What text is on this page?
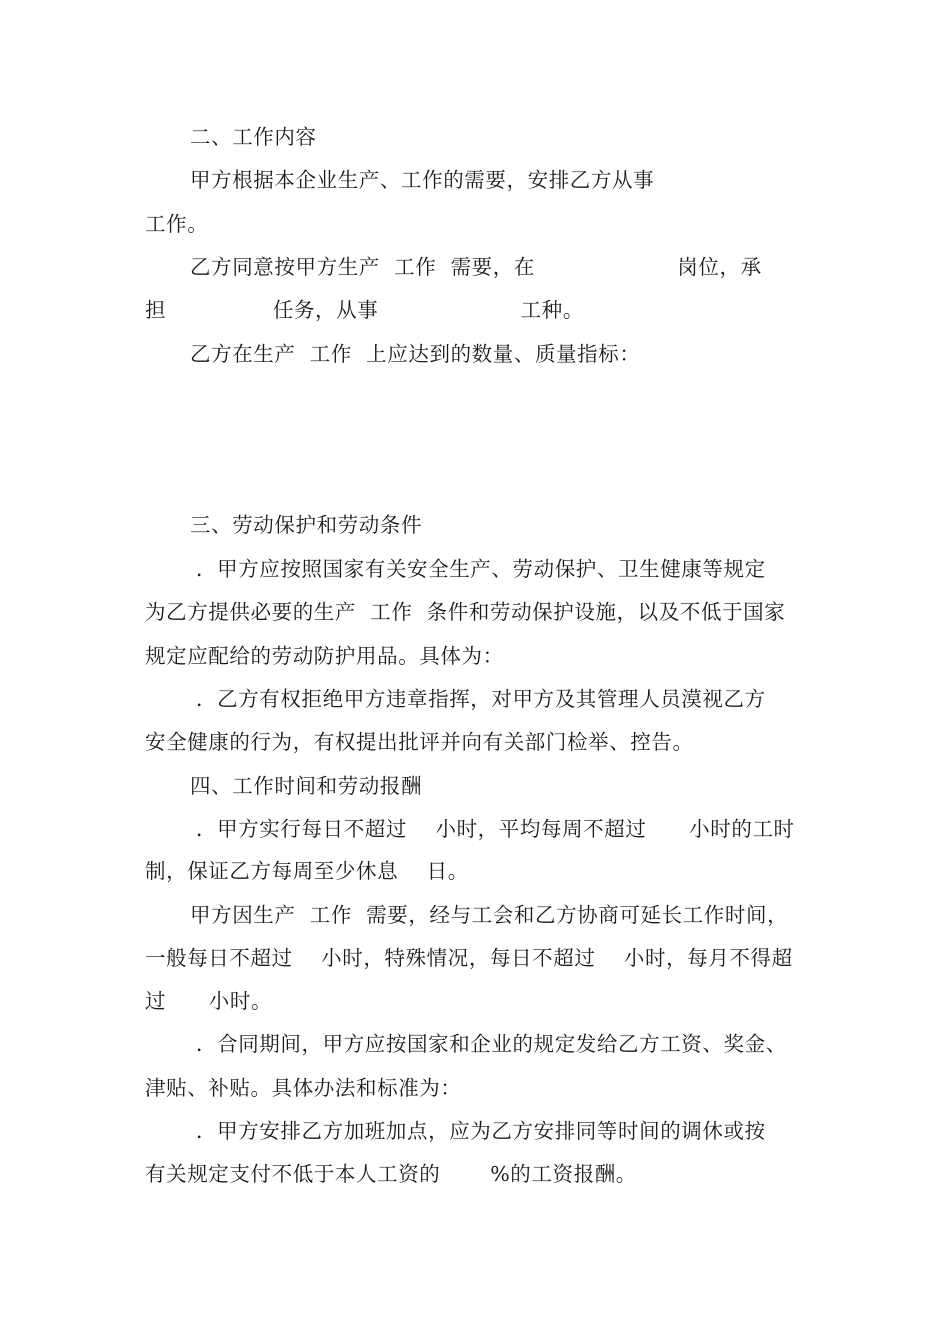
二、工作内容
甲方根据本企业生产、工作的需要，安排乙方从事
工作。
乙方同意按甲方生产  工作  需要，在                    岗位，承
担               任务，从事                    工种。
乙方在生产  工作  上应达到的数量、质量指标：
三、劳动保护和劳动条件
．甲方应按照国家有关安全生产、劳动保护、卫生健康等规定
为乙方提供必要的生产  工作  条件和劳动保护设施，以及不低于国家
规定应配给的劳动防护用品。具体为：
．乙方有权拒绝甲方违章指挥，对甲方及其管理人员漠视乙方
安全健康的行为，有权提出批评并向有关部门检举、控告。
四、工作时间和劳动报酬
．甲方实行每日不超过    小时，平均每周不超过      小时的工时
制，保证乙方每周至少休息    日。
甲方因生产  工作  需要，经与工会和乙方协商可延长工作时间，
一般每日不超过    小时，特殊情况，每日不超过    小时，每月不得超
过      小时。
．合同期间，甲方应按国家和企业的规定发给乙方工资、奖金、
津贴、补贴。具体办法和标准为：
．甲方安排乙方加班加点，应为乙方安排同等时间的调休或按
有关规定支付不低于本人工资的       %的工资报酬。
